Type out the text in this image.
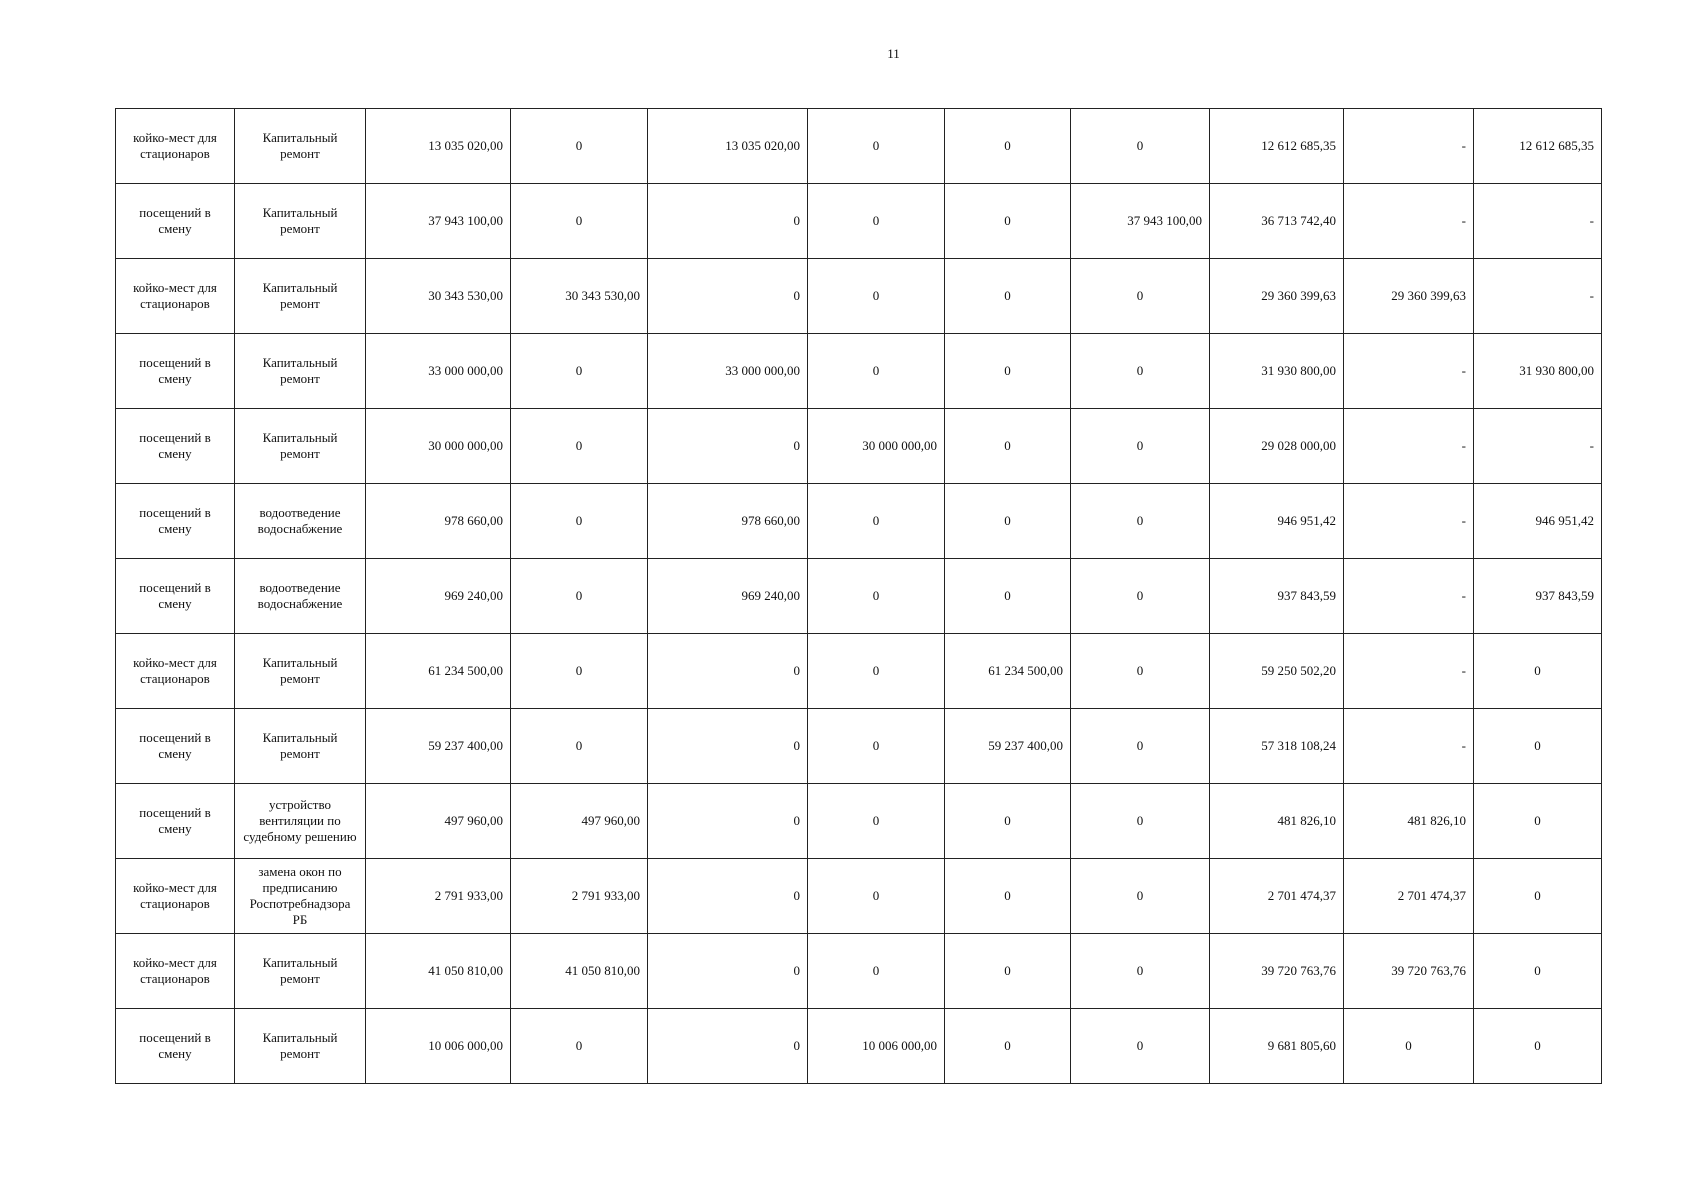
11
койко-мест для стационаров	Капитальный ремонт	13 035 020,00	0	13 035 020,00	0	0	0	12 612 685,35	-	12 612 685,35
посещений в смену	Капитальный ремонт	37 943 100,00	0	0	0	0	37 943 100,00	36 713 742,40	-	-
койко-мест для стационаров	Капитальный ремонт	30 343 530,00	30 343 530,00	0	0	0	0	29 360 399,63	29 360 399,63	-
посещений в смену	Капитальный ремонт	33 000 000,00	0	33 000 000,00	0	0	0	31 930 800,00	-	31 930 800,00
посещений в смену	Капитальный ремонт	30 000 000,00	0	0	30 000 000,00	0	0	29 028 000,00	-	-
посещений в смену	водоотведение водоснабжение	978 660,00	0	978 660,00	0	0	0	946 951,42	-	946 951,42
посещений в смену	водоотведение водоснабжение	969 240,00	0	969 240,00	0	0	0	937 843,59	-	937 843,59
койко-мест для стационаров	Капитальный ремонт	61 234 500,00	0	0	0	61 234 500,00	0	59 250 502,20	-	0
посещений в смену	Капитальный ремонт	59 237 400,00	0	0	0	59 237 400,00	0	57 318 108,24	-	0
посещений в смену	устройство вентиляции по судебному решению	497 960,00	497 960,00	0	0	0	0	481 826,10	481 826,10	0
койко-мест для стационаров	замена окон по предписанию Роспотребнадзора РБ	2 791 933,00	2 791 933,00	0	0	0	0	2 701 474,37	2 701 474,37	0
койко-мест для стационаров	Капитальный ремонт	41 050 810,00	41 050 810,00	0	0	0	0	39 720 763,76	39 720 763,76	0
посещений в смену	Капитальный ремонт	10 006 000,00	0	0	10 006 000,00	0	0	9 681 805,60	0	0
